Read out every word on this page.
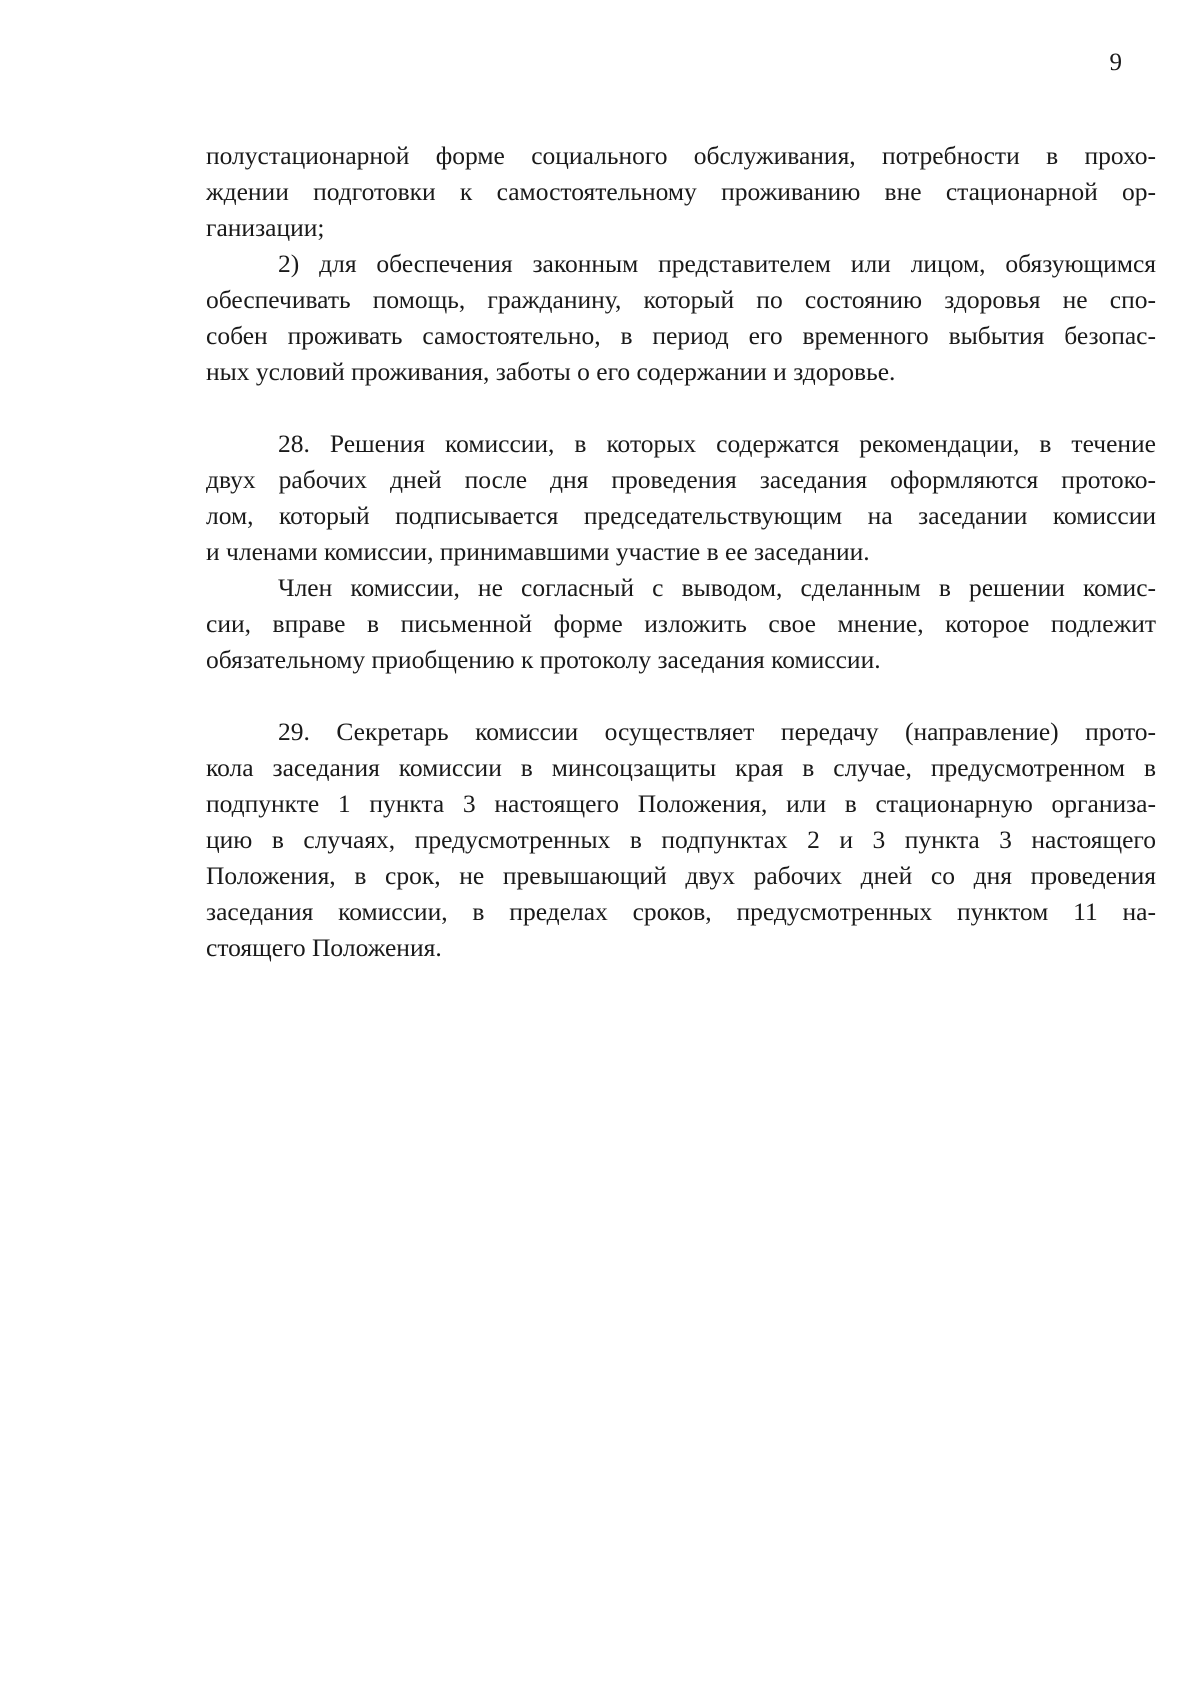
9
полустационарной форме социального обслуживания, потребности в прохо-
ждении подготовки к самостоятельному проживанию вне стационарной ор-
ганизации;
2) для обеспечения законным представителем или лицом, обязующимся
обеспечивать помощь, гражданину, который по состоянию здоровья не спо-
собен проживать самостоятельно, в период его временного выбытия безопас-
ных условий проживания, заботы о его содержании и здоровье.
28. Решения комиссии, в которых содержатся рекомендации, в течение
двух рабочих дней после дня проведения заседания оформляются протоко-
лом, который подписывается председательствующим на заседании комиссии
и членами комиссии, принимавшими участие в ее заседании.
Член комиссии, не согласный с выводом, сделанным в решении комис-
сии, вправе в письменной форме изложить свое мнение, которое подлежит
обязательному приобщению к протоколу заседания комиссии.
29. Секретарь комиссии осуществляет передачу (направление) прото-
кола заседания комиссии в минсоцзащиты края в случае, предусмотренном в
подпункте 1 пункта 3 настоящего Положения, или в стационарную организа-
цию в случаях, предусмотренных в подпунктах 2 и 3 пункта 3 настоящего
Положения, в срок, не превышающий двух рабочих дней со дня проведения
заседания комиссии, в пределах сроков, предусмотренных пунктом 11 на-
стоящего Положения.
